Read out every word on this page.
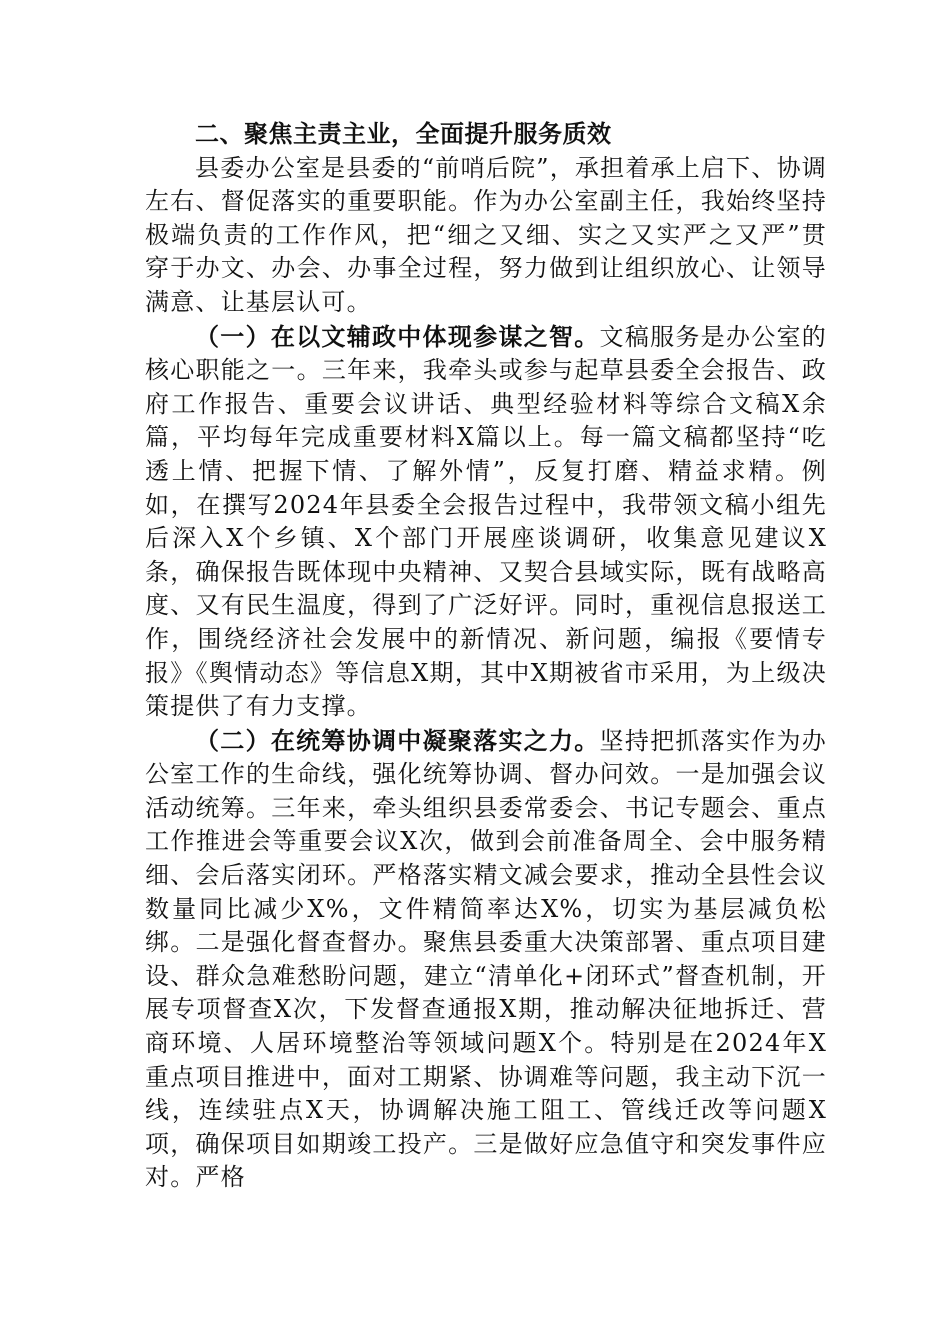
二、聚焦主责主业，全面提升服务质效

县委办公室是县委的“前哨后院”，承担着承上启下、协调左右、督促落实的重要职能。作为办公室副主任，我始终坚持极端负责的工作作风，把“细之又细、实之又实严之又严”贯穿于办文、办会、办事全过程，努力做到让组织放心、让领导满意、让基层认可。

（一）在以文辅政中体现参谋之智。文稿服务是办公室的核心职能之一。三年来，我牵头或参与起草县委全会报告、政府工作报告、重要会议讲话、典型经验材料等综合文稿X余篇，平均每年完成重要材料X篇以上。每一篇文稿都坚持“吃透上情、把握下情、了解外情”，反复打磨、精益求精。例如，在撰写2024年县委全会报告过程中，我带领文稿小组先后深入X个乡镇、X个部门开展座谈调研，收集意见建议X条，确保报告既体现中央精神、又契合县域实际，既有战略高度、又有民生温度，得到了广泛好评。同时，重视信息报送工作，围绕经济社会发展中的新情况、新问题，编报《要情专报》《舆情动态》等信息X期，其中X期被省市采用，为上级决策提供了有力支撑。

（二）在统筹协调中凝聚落实之力。坚持把抓落实作为办公室工作的生命线，强化统筹协调、督办问效。一是加强会议活动统筹。三年来，牵头组织县委常委会、书记专题会、重点工作推进会等重要会议X次，做到会前准备周全、会中服务精细、会后落实闭环。严格落实精文减会要求，推动全县性会议数量同比减少X%，文件精简率达X%，切实为基层减负松绑。二是强化督查督办。聚焦县委重大决策部署、重点项目建设、群众急难愁盼问题，建立“清单化+闭环式”督查机制，开展专项督查X次，下发督查通报X期，推动解决征地拆迁、营商环境、人居环境整治等领域问题X个。特别是在2024年X重点项目推进中，面对工期紧、协调难等问题，我主动下沉一线，连续驻点X天，协调解决施工阻工、管线迁改等问题X项，确保项目如期竣工投产。三是做好应急值守和突发事件应对。严格
